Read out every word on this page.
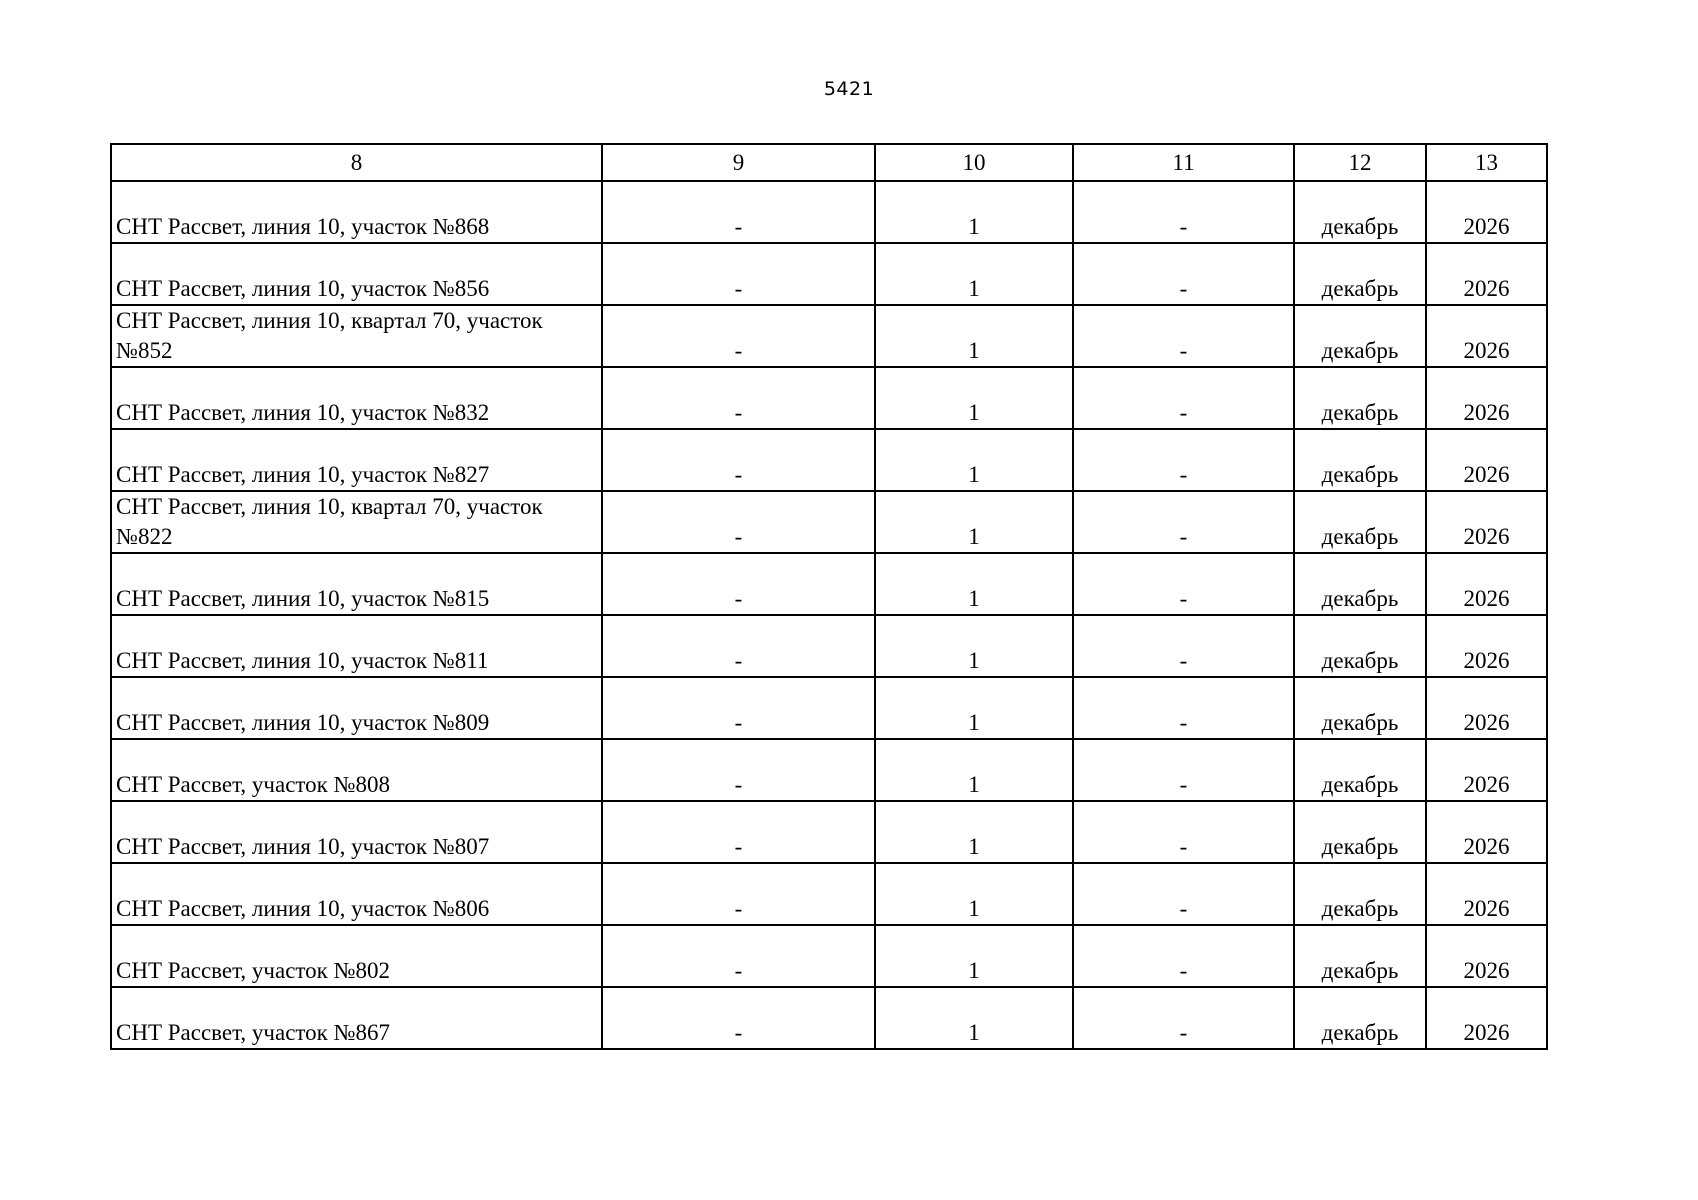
5421
8	9	10	11	12	13
СНТ Рассвет, линия 10, участок №868	-	1	-	декабрь	2026
СНТ Рассвет, линия 10, участок №856	-	1	-	декабрь	2026
СНТ Рассвет, линия 10, квартал 70, участок №852	-	1	-	декабрь	2026
СНТ Рассвет, линия 10, участок №832	-	1	-	декабрь	2026
СНТ Рассвет, линия 10, участок №827	-	1	-	декабрь	2026
СНТ Рассвет, линия 10, квартал 70, участок №822	-	1	-	декабрь	2026
СНТ Рассвет, линия 10, участок №815	-	1	-	декабрь	2026
СНТ Рассвет, линия 10, участок №811	-	1	-	декабрь	2026
СНТ Рассвет, линия 10, участок №809	-	1	-	декабрь	2026
СНТ Рассвет, участок №808	-	1	-	декабрь	2026
СНТ Рассвет, линия 10, участок №807	-	1	-	декабрь	2026
СНТ Рассвет, линия 10, участок №806	-	1	-	декабрь	2026
СНТ Рассвет, участок №802	-	1	-	декабрь	2026
СНТ Рассвет, участок №867	-	1	-	декабрь	2026
